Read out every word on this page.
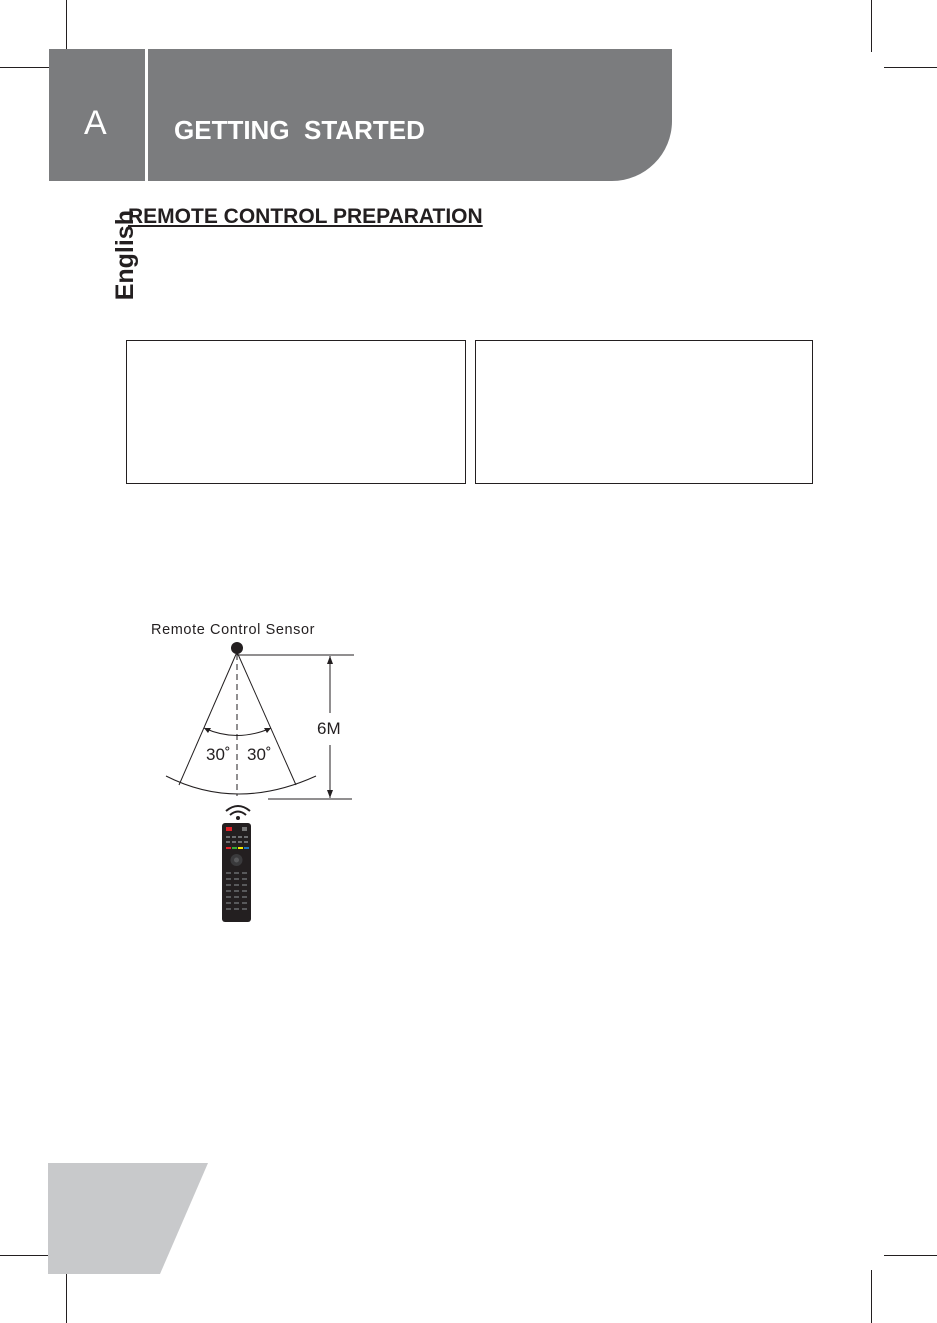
A	GETTING  STARTED
English
REMOTE CONTROL PREPARATION
Remote Control Sensor
6M
30˚ 30˚
